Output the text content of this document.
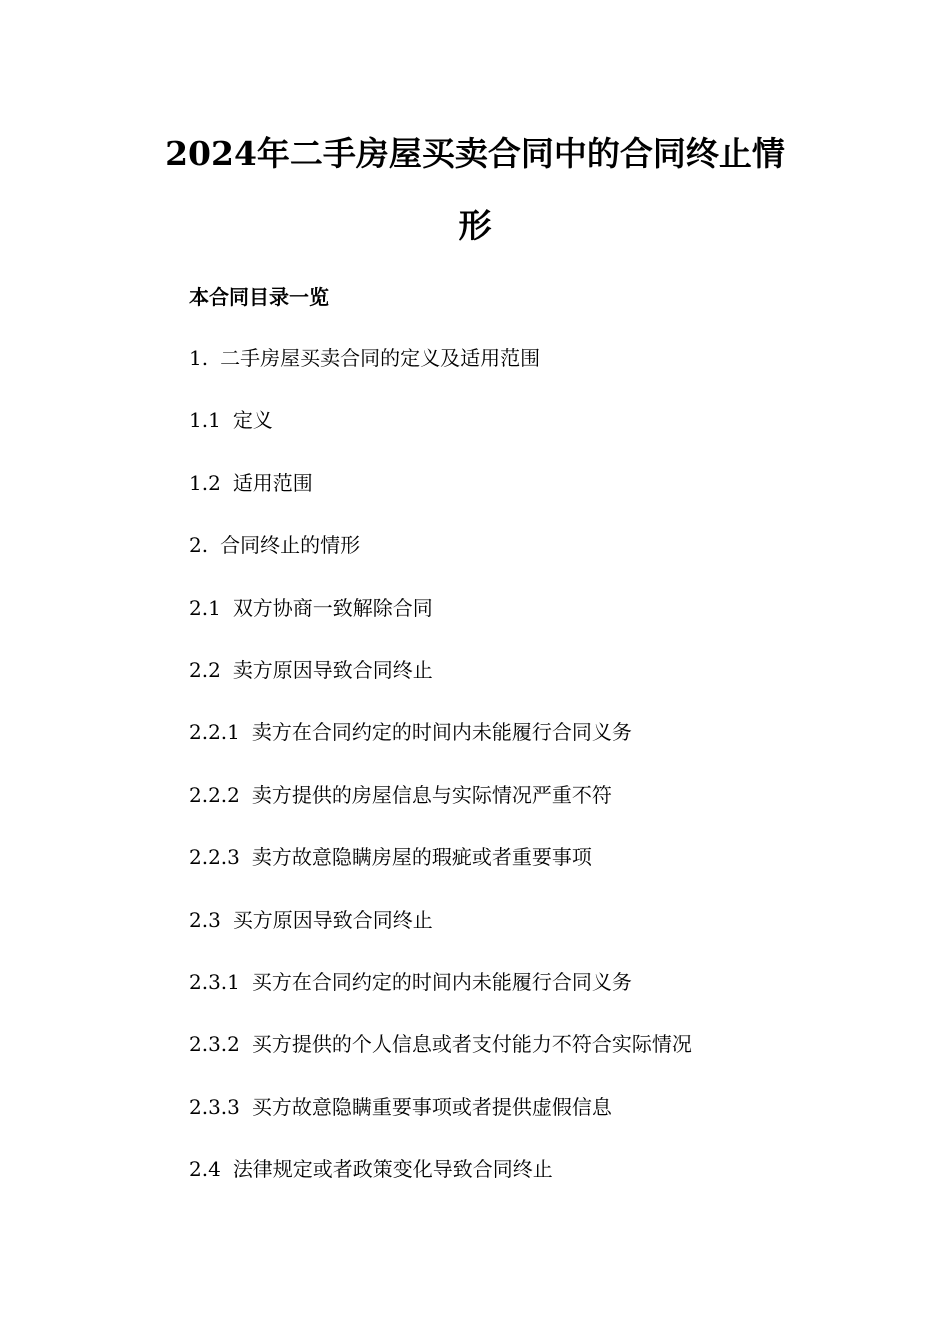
2024年二手房屋买卖合同中的合同终止情
形
本合同目录一览
1. 二手房屋买卖合同的定义及适用范围
1.1 定义
1.2 适用范围
2. 合同终止的情形
2.1 双方协商一致解除合同
2.2 卖方原因导致合同终止
2.2.1 卖方在合同约定的时间内未能履行合同义务
2.2.2 卖方提供的房屋信息与实际情况严重不符
2.2.3 卖方故意隐瞒房屋的瑕疵或者重要事项
2.3 买方原因导致合同终止
2.3.1 买方在合同约定的时间内未能履行合同义务
2.3.2 买方提供的个人信息或者支付能力不符合实际情况
2.3.3 买方故意隐瞒重要事项或者提供虚假信息
2.4 法律规定或者政策变化导致合同终止
